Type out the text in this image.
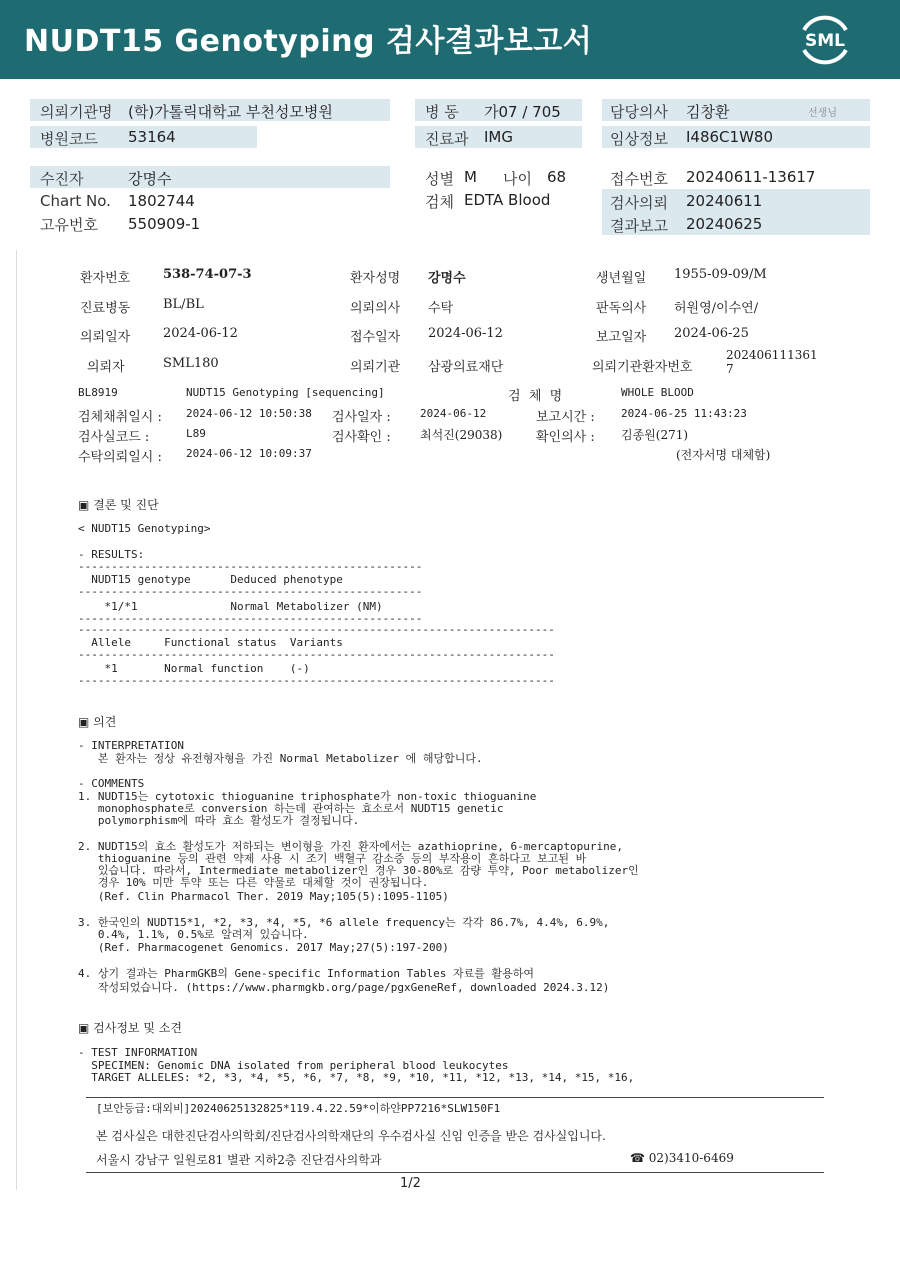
NUDT15 Genotyping 검사결과보고서	SML
의뢰기관명 (학)가톨릭대학교 부천성모병원	병 동 가07 / 705	담당의사 김창환	선생님
병원코드 53164	진료과 IMG	임상정보 I486C1W80
수진자	강명수	성별 M 나이 68	접수번호 20240611-13617
Chart No. 1802744	검체 EDTA Blood	검사의뢰 20240611
고유번호 550909-1	결과보고 20240625
환자번호	538-74-07-3	환자성명 강명수	생년월일 1955-09-09/M
진료병동	BL/BL	의뢰의사 수탁	판독의사 허원영/이수연/
의뢰일자	2024-06-12	접수일자 2024-06-12	보고일자 2024-06-25
의뢰자	SML180	의뢰기관 삼광의료재단	의뢰기관환자번호
202406111361
7
BL8919	NUDT15 Genotyping [sequencing]	검  체  명	WHOLE BLOOD
검체채취일시 : 2024-06-12 10:50:38 검사일자 :	2024-06-12	보고시간 : 2024-06-25 11:43:23
검사실코드 :	L89	검사확인 : 최석진(29038)	확인의사 : 김종원(271)
수탁의뢰일시 : 2024-06-12 10:09:37	(전자서명 대체함)
▣ 결론 및 진단
< NUDT15 Genotyping>
- RESULTS:
----------------------------------------------------
NUDT15 genotype      Deduced phenotype
----------------------------------------------------
*1/*1              Normal Metabolizer (NM)
----------------------------------------------------
------------------------------------------------------------------------
Allele     Functional status  Variants
------------------------------------------------------------------------
*1       Normal function    (-)
------------------------------------------------------------------------
▣ 의견
- INTERPRETATION
본 환자는 정상 유전형자형을 가진 Normal Metabolizer 에 해당합니다.
- COMMENTS
1. NUDT15는 cytotoxic thioguanine triphosphate가 non-toxic thioguanine
monophosphate로 conversion 하는데 관여하는 효소로서 NUDT15 genetic
polymorphism에 따라 효소 활성도가 결정됩니다.
2. NUDT15의 효소 활성도가 저하되는 변이형을 가진 환자에서는 azathioprine, 6-mercaptopurine,
thioguanine 등의 관련 약제 사용 시 조기 백혈구 감소증 등의 부작용이 흔하다고 보고된 바
있습니다. 따라서, Intermediate metabolizer인 경우 30-80%로 감량 투약, Poor metabolizer인
경우 10% 미만 투약 또는 다른 약물로 대체할 것이 권장됩니다.
(Ref. Clin Pharmacol Ther. 2019 May;105(5):1095-1105)
3. 한국인의 NUDT15*1, *2, *3, *4, *5, *6 allele frequency는 각각 86.7%, 4.4%, 6.9%,
0.4%, 1.1%, 0.5%로 알려져 있습니다.
(Ref. Pharmacogenet Genomics. 2017 May;27(5):197-200)
4. 상기 결과는 PharmGKB의 Gene-specific Information Tables 자료를 활용하여
작성되었습니다. (https://www.pharmgkb.org/page/pgxGeneRef, downloaded 2024.3.12)
▣ 검사정보 및 소견
- TEST INFORMATION
SPECIMEN: Genomic DNA isolated from peripheral blood leukocytes
TARGET ALLELES: *2, *3, *4, *5, *6, *7, *8, *9, *10, *11, *12, *13, *14, *15, *16,
[보안등급:대외비]20240625132825*119.4.22.59*이하얀PP7216*SLW150F1
본 검사실은 대한진단검사의학회/진단검사의학재단의 우수검사실 신임 인증을 받은 검사실입니다.
서울시 강남구 일원로81 별관 지하2층 진단검사의학과	☎ 02)3410-6469
1/2
